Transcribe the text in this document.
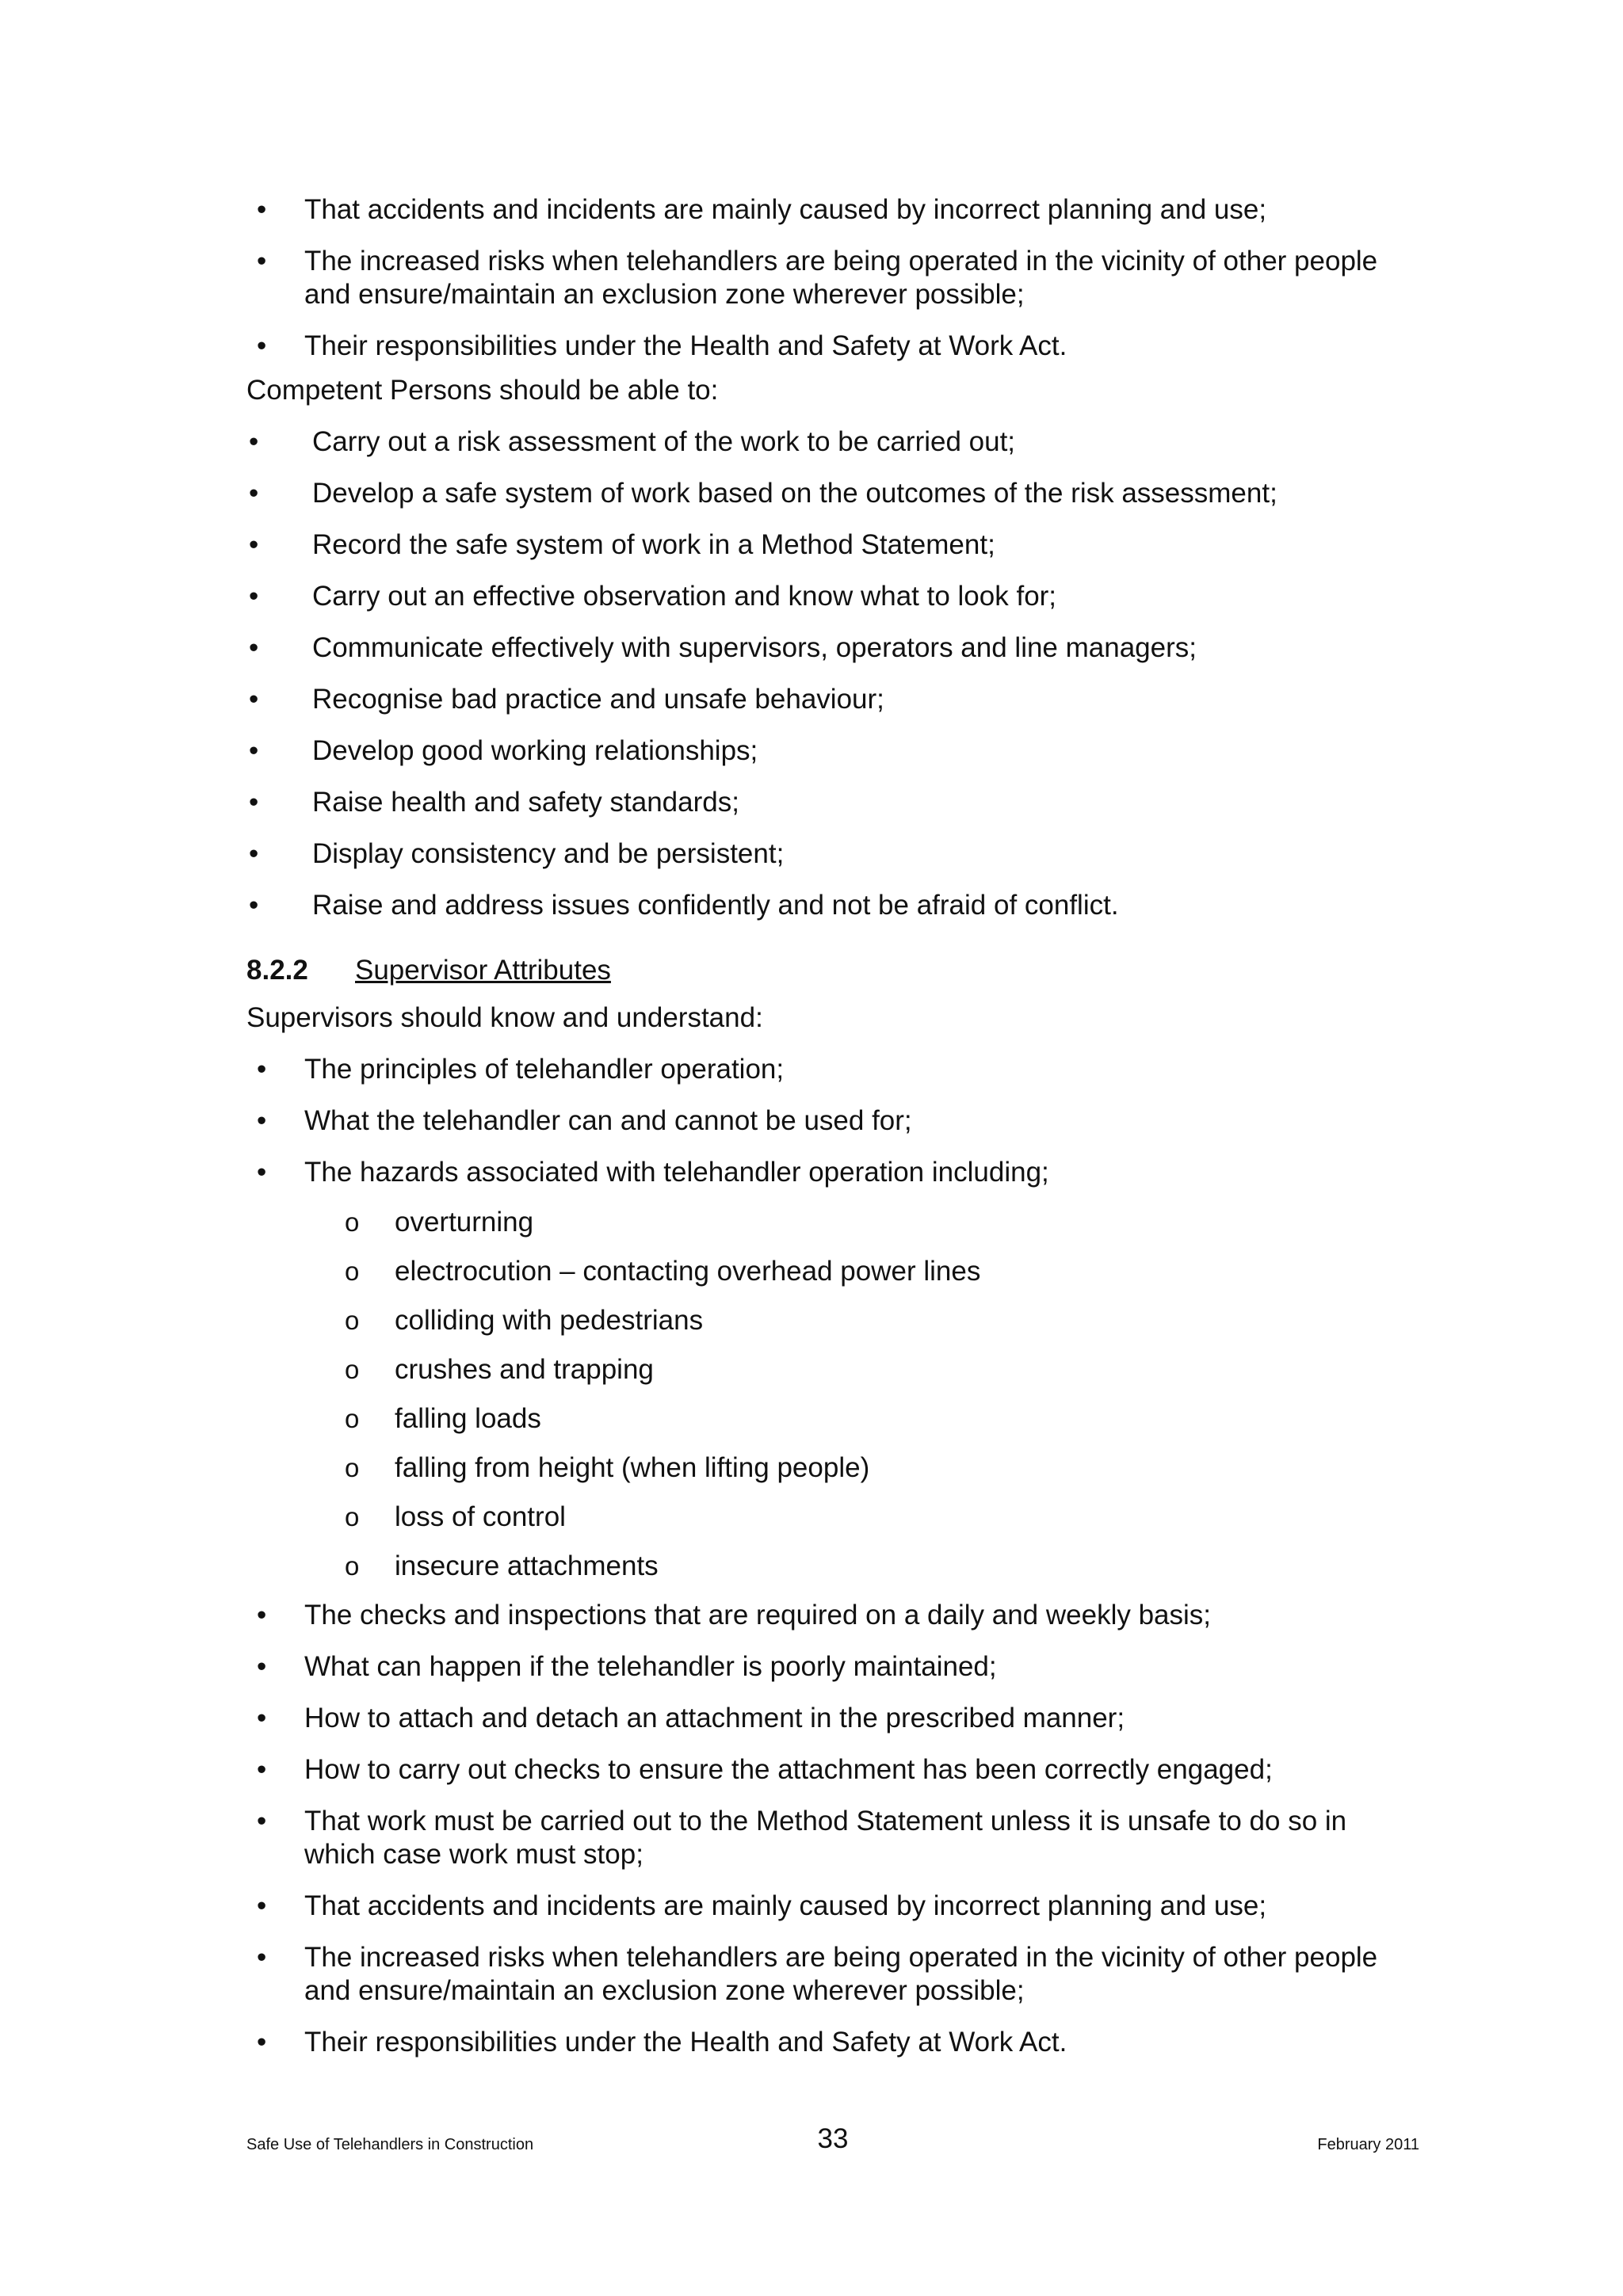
• That accidents and incidents are mainly caused by incorrect planning and use;
• The increased risks when telehandlers are being operated in the vicinity of other people and ensure/maintain an exclusion zone wherever possible;
• Their responsibilities under the Health and Safety at Work Act.

Competent Persons should be able to:

• Carry out a risk assessment of the work to be carried out;
• Develop a safe system of work based on the outcomes of the risk assessment;
• Record the safe system of work in a Method Statement;
• Carry out an effective observation and know what to look for;
• Communicate effectively with supervisors, operators and line managers;
• Recognise bad practice and unsafe behaviour;
• Develop good working relationships;
• Raise health and safety standards;
• Display consistency and be persistent;
• Raise and address issues confidently and not be afraid of conflict.
8.2.2	Supervisor Attributes

Supervisors should know and understand:

• The principles of telehandler operation;
• What the telehandler can and cannot be used for;
• The hazards associated with telehandler operation including;
o overturning
o electrocution – contacting overhead power lines
o colliding with pedestrians
o crushes and trapping
o falling loads
o falling from height (when lifting people)
o loss of control
o insecure attachments
• The checks and inspections that are required on a daily and weekly basis;
• What can happen if the telehandler is poorly maintained;
• How to attach and detach an attachment in the prescribed manner;
• How to carry out checks to ensure the attachment has been correctly engaged;
• That work must be carried out to the Method Statement unless it is unsafe to do so in which case work must stop;
• That accidents and incidents are mainly caused by incorrect planning and use;
• The increased risks when telehandlers are being operated in the vicinity of other people and ensure/maintain an exclusion zone wherever possible;
• Their responsibilities under the Health and Safety at Work Act.
Safe Use of Telehandlers in Construction	33	February 2011
